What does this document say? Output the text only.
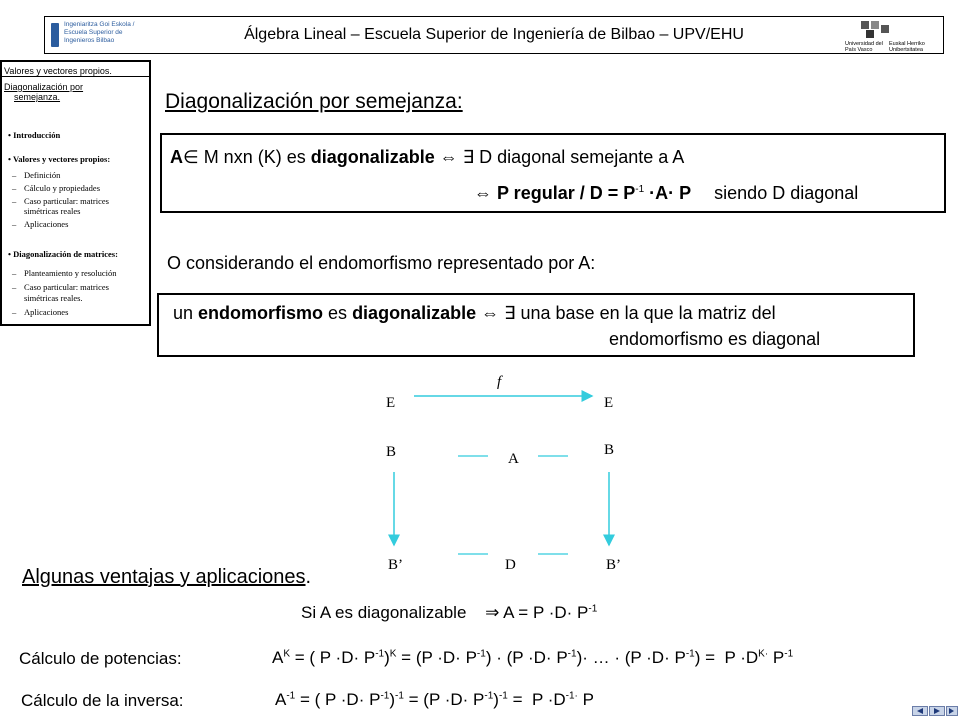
Ingeniaritza Goi Eskola / Escuela Superior de Ingenieros Bilbao	Álgebra Lineal – Escuela Superior de Ingeniería de Bilbao – UPV/EHU
Universidad del País Vasco
Euskal Herriko Unibertsitatea
Valores y vectores propios.
Diagonalización por
semejanza.
• Introducción
• Valores y vectores propios:
– Definición
– Cálculo y propiedades
– Caso particular: matrices
simétricas reales
– Aplicaciones
• Diagonalización de matrices:
– Planteamiento y resolución
– Caso particular: matrices
simétricas reales.
– Aplicaciones
Diagonalización por semejanza:
A∈ M nxn (K) es diagonalizable ⇔ ∃ D diagonal semejante a A
⇔ P regular / $D = P^{-1} \cdot A\cdot P$ siendo D diagonal
O considerando el endomorfismo representado por A:
un endomorfismo es diagonalizable ⇔ ∃ una base en la que la matriz del
endomorfismo es diagonal
f
E	E
B	B
A
B’	D	B’
Algunas ventajas y aplicaciones.
Si A es diagonalizable ⇒ $A = P \cdot D\cdot P^{-1}$
Cálculo de potencias:	$A^K$ = ( $P \cdot D\cdot P^{-1})^K = (P \cdot D\cdot P^{-1}) \cdot (P \cdot D\cdot P^{-1})\cdot$ … · $(P \cdot D\cdot P^{-1}) = P \cdot D^{K\cdot}$ $P^{-1}$
Cálculo de la inversa:	$A^{-1}$ = ( $P \cdot D\cdot P^{-1})^{-1} = (P \cdot D\cdot P^{-1})^{-1} = P \cdot D^{-1\cdot}$ P
